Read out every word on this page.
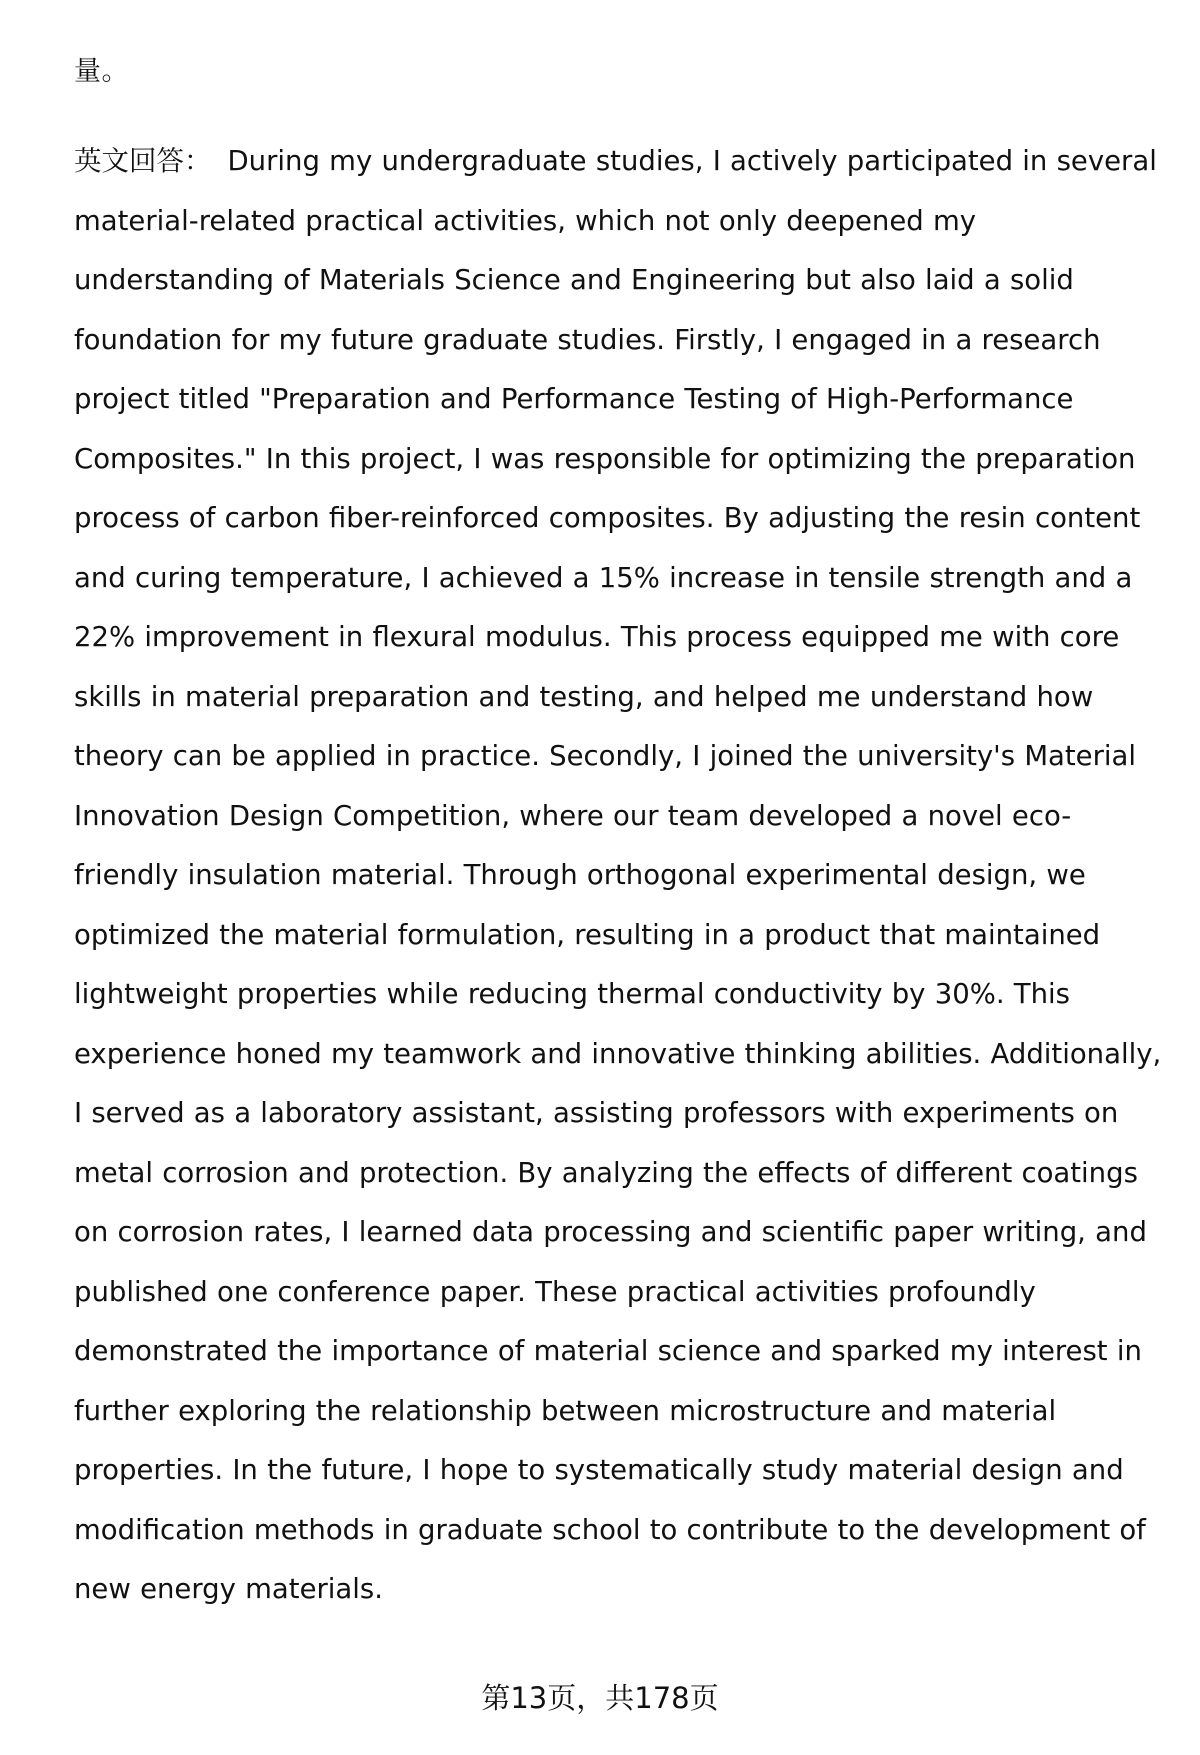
量。

英文回答： During my undergraduate studies, I actively participated in several material-related practical activities, which not only deepened my understanding of Materials Science and Engineering but also laid a solid foundation for my future graduate studies. Firstly, I engaged in a research project titled "Preparation and Performance Testing of High-Performance Composites." In this project, I was responsible for optimizing the preparation process of carbon fiber-reinforced composites. By adjusting the resin content and curing temperature, I achieved a 15% increase in tensile strength and a 22% improvement in flexural modulus. This process equipped me with core skills in material preparation and testing, and helped me understand how theory can be applied in practice. Secondly, I joined the university's Material Innovation Design Competition, where our team developed a novel eco-friendly insulation material. Through orthogonal experimental design, we optimized the material formulation, resulting in a product that maintained lightweight properties while reducing thermal conductivity by 30%. This experience honed my teamwork and innovative thinking abilities. Additionally, I served as a laboratory assistant, assisting professors with experiments on metal corrosion and protection. By analyzing the effects of different coatings on corrosion rates, I learned data processing and scientific paper writing, and published one conference paper. These practical activities profoundly demonstrated the importance of material science and sparked my interest in further exploring the relationship between microstructure and material properties. In the future, I hope to systematically study material design and modification methods in graduate school to contribute to the development of new energy materials.

第13页，共178页
